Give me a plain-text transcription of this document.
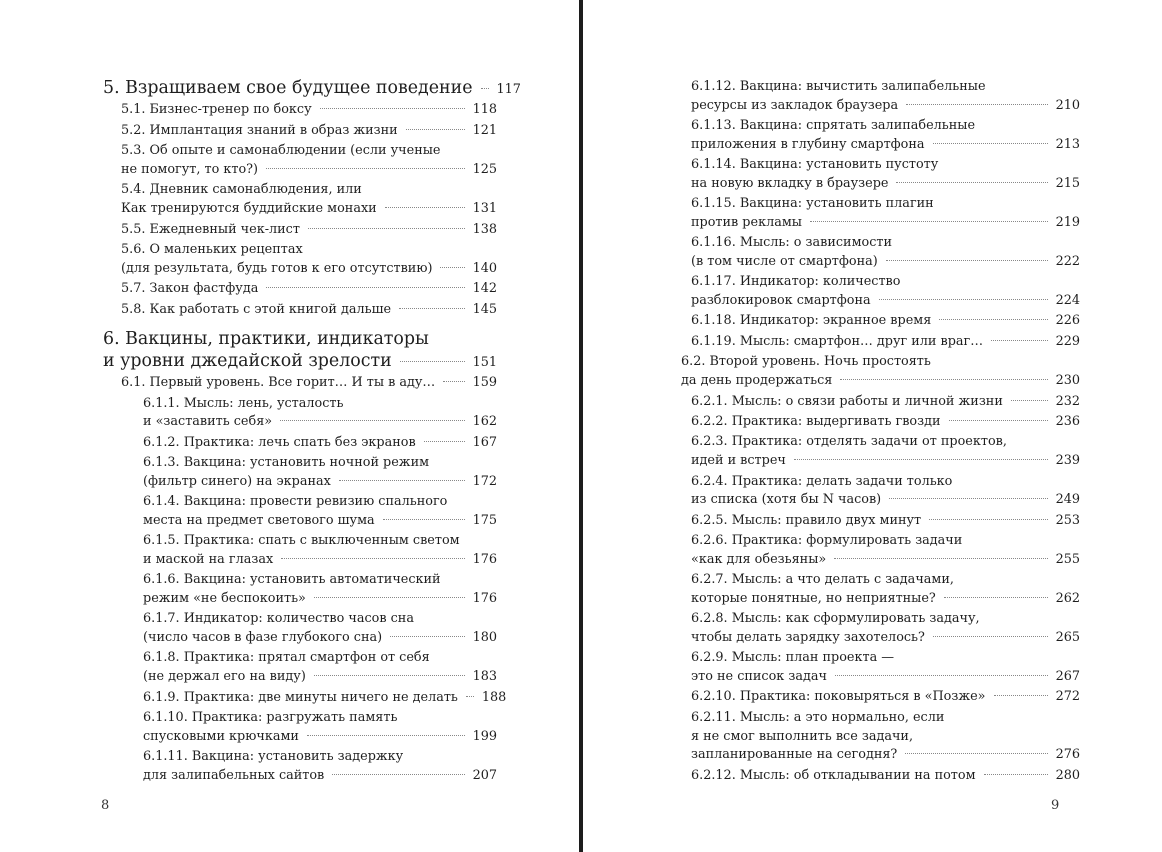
5. Взращиваем свое будущее поведение 117
5.1. Бизнес-тренер по боксу	118
5.2. Имплантация знаний в образ жизни	121
5.3. Об опыте и самонаблюдении (если ученые
не помогут, то кто?)	125
5.4. Дневник самонаблюдения, или
Как тренируются буддийские монахи	131
5.5. Ежедневный чек-лист	138
5.6. О маленьких рецептах
(для результата, будь готов к его отсутствию)	140
5.7. Закон фастфуда	142
5.8. Как работать с этой книгой дальше	145
6. Вакцины, практики, индикаторы
и уровни джедайской зрелости	151
6.1. Первый уровень. Все горит… И ты в аду…	159
6.1.1. Мысль: лень, усталость
и «заставить себя»	162
6.1.2. Практика: лечь спать без экранов	167
6.1.3. Вакцина: установить ночной режим
(фильтр синего) на экранах	172
6.1.4. Вакцина: провести ревизию спального
места на предмет светового шума	175
6.1.5. Практика: спать с выключенным светом
и маской на глазах	176
6.1.6. Вакцина: установить автоматический
режим «не беспокоить»	176
6.1.7. Индикатор: количество часов сна
(число часов в фазе глубокого сна)	180
6.1.8. Практика: прятал смартфон от себя
(не держал его на виду)	183
6.1.9. Практика: две минуты ничего не делать 188
6.1.10. Практика: разгружать память
спусковыми крючками	199
6.1.11. Вакцина: установить задержку
для залипабельных сайтов	207
8
6.1.12. Вакцина: вычистить залипабельные
ресурсы из закладок браузера	210
6.1.13. Вакцина: спрятать залипабельные
приложения в глубину смартфона	213
6.1.14. Вакцина: установить пустоту
на новую вкладку в браузере	215
6.1.15. Вакцина: установить плагин
против рекламы	219
6.1.16. Мысль: о зависимости
(в том числе от смартфона)	222
6.1.17. Индикатор: количество
разблокировок смартфона	224
6.1.18. Индикатор: экранное время	226
6.1.19. Мысль: смартфон… друг или враг…	229
6.2. Второй уровень. Ночь простоять
да день продержаться	230
6.2.1. Мысль: о связи работы и личной жизни	232
6.2.2. Практика: выдергивать гвозди	236
6.2.3. Практика: отделять задачи от проектов,
идей и встреч	239
6.2.4. Практика: делать задачи только
из списка (хотя бы N часов)	249
6.2.5. Мысль: правило двух минут	253
6.2.6. Практика: формулировать задачи
«как для обезьяны»	255
6.2.7. Мысль: а что делать с задачами,
которые понятные, но неприятные?	262
6.2.8. Мысль: как сформулировать задачу,
чтобы делать зарядку захотелось?	265
6.2.9. Мысль: план проекта —
это не список задач	267
6.2.10. Практика: поковыряться в «Позже»	272
6.2.11. Мысль: а это нормально, если
я не смог выполнить все задачи,
запланированные на сегодня?	276
6.2.12. Мысль: об откладывании на потом	280
9
